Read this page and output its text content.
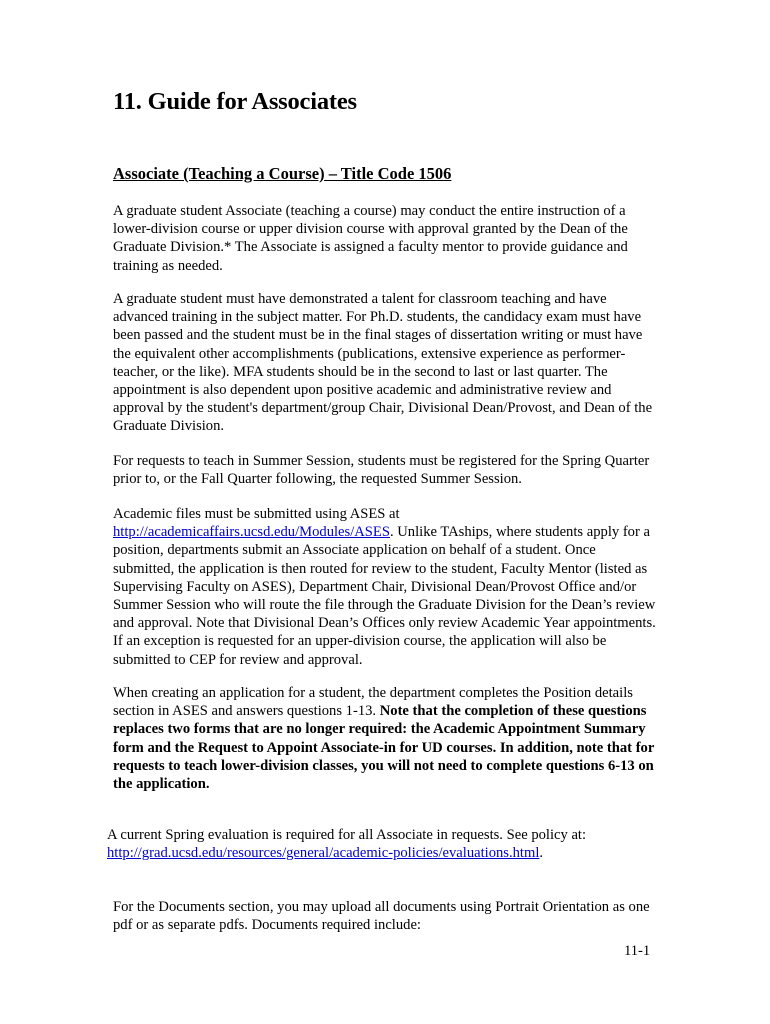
11. Guide for Associates
Associate (Teaching a Course) – Title Code 1506

A graduate student Associate (teaching a course) may conduct the entire instruction of a lower-division course or upper division course with approval granted by the Dean of the Graduate Division.* The Associate is assigned a faculty mentor to provide guidance and training as needed.

A graduate student must have demonstrated a talent for classroom teaching and have advanced training in the subject matter. For Ph.D. students, the candidacy exam must have been passed and the student must be in the final stages of dissertation writing or must have the equivalent other accomplishments (publications, extensive experience as performer-teacher, or the like). MFA students should be in the second to last or last quarter. The appointment is also dependent upon positive academic and administrative review and approval by the student's department/group Chair, Divisional Dean/Provost, and Dean of the Graduate Division.

For requests to teach in Summer Session, students must be registered for the Spring Quarter prior to, or the Fall Quarter following, the requested Summer Session.

Academic files must be submitted using ASES at
http://academicaffairs.ucsd.edu/Modules/ASES. Unlike TAships, where students apply for a position, departments submit an Associate application on behalf of a student. Once submitted, the application is then routed for review to the student, Faculty Mentor (listed as Supervising Faculty on ASES), Department Chair, Divisional Dean/Provost Office and/or Summer Session who will route the file through the Graduate Division for the Dean’s review and approval. Note that Divisional Dean’s Offices only review Academic Year appointments. If an exception is requested for an upper-division course, the application will also be submitted to CEP for review and approval.

When creating an application for a student, the department completes the Position details section in ASES and answers questions 1-13. Note that the completion of these questions replaces two forms that are no longer required: the Academic Appointment Summary form and the Request to Appoint Associate-in for UD courses. In addition, note that for requests to teach lower-division classes, you will not need to complete questions 6-13 on the application.

A current Spring evaluation is required for all Associate in requests. See policy at:
http://grad.ucsd.edu/resources/general/academic-policies/evaluations.html.

For the Documents section, you may upload all documents using Portrait Orientation as one pdf or as separate pdfs. Documents required include:

11-1
